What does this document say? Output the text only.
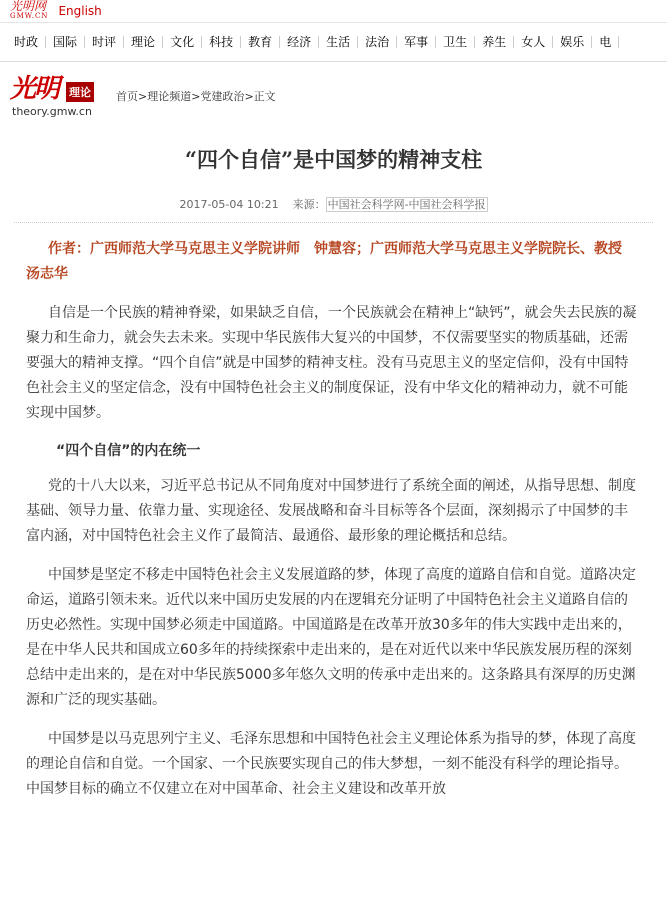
光明网
GMW.CN English
时政	国际	时评	理论	文化	科技	教育	经济	生活	法治	军事	卫生	养生	女人	娱乐	电
光明 理论
theory.gmw.cn
首页>理论频道>党建政治>正文
“四个自信”是中国梦的精神支柱
2017-05-04 10:21 来源： 中国社会科学网-中国社会科学报
作者：广西师范大学马克思主义学院讲师　钟慧容；广西师范大学马克思主义学院院长、教授　汤志华

自信是一个民族的精神脊梁，如果缺乏自信，一个民族就会在精神上“缺钙”，就会失去民族的凝聚力和生命力，就会失去未来。实现中华民族伟大复兴的中国梦，不仅需要坚实的物质基础，还需要强大的精神支撑。“四个自信”就是中国梦的精神支柱。没有马克思主义的坚定信仰，没有中国特色社会主义的坚定信念，没有中国特色社会主义的制度保证，没有中华文化的精神动力，就不可能实现中国梦。

“四个自信”的内在统一

党的十八大以来，习近平总书记从不同角度对中国梦进行了系统全面的阐述，从指导思想、制度基础、领导力量、依靠力量、实现途径、发展战略和奋斗目标等各个层面，深刻揭示了中国梦的丰富内涵，对中国特色社会主义作了最简洁、最通俗、最形象的理论概括和总结。

中国梦是坚定不移走中国特色社会主义发展道路的梦，体现了高度的道路自信和自觉。道路决定命运，道路引领未来。近代以来中国历史发展的内在逻辑充分证明了中国特色社会主义道路自信的历史必然性。实现中国梦必须走中国道路。中国道路是在改革开放30多年的伟大实践中走出来的，是在中华人民共和国成立60多年的持续探索中走出来的，是在对近代以来中华民族发展历程的深刻总结中走出来的，是在对中华民族5000多年悠久文明的传承中走出来的。这条路具有深厚的历史渊源和广泛的现实基础。

中国梦是以马克思列宁主义、毛泽东思想和中国特色社会主义理论体系为指导的梦，体现了高度的理论自信和自觉。一个国家、一个民族要实现自己的伟大梦想，一刻不能没有科学的理论指导。中国梦目标的确立不仅建立在对中国革命、社会主义建设和改革开放
